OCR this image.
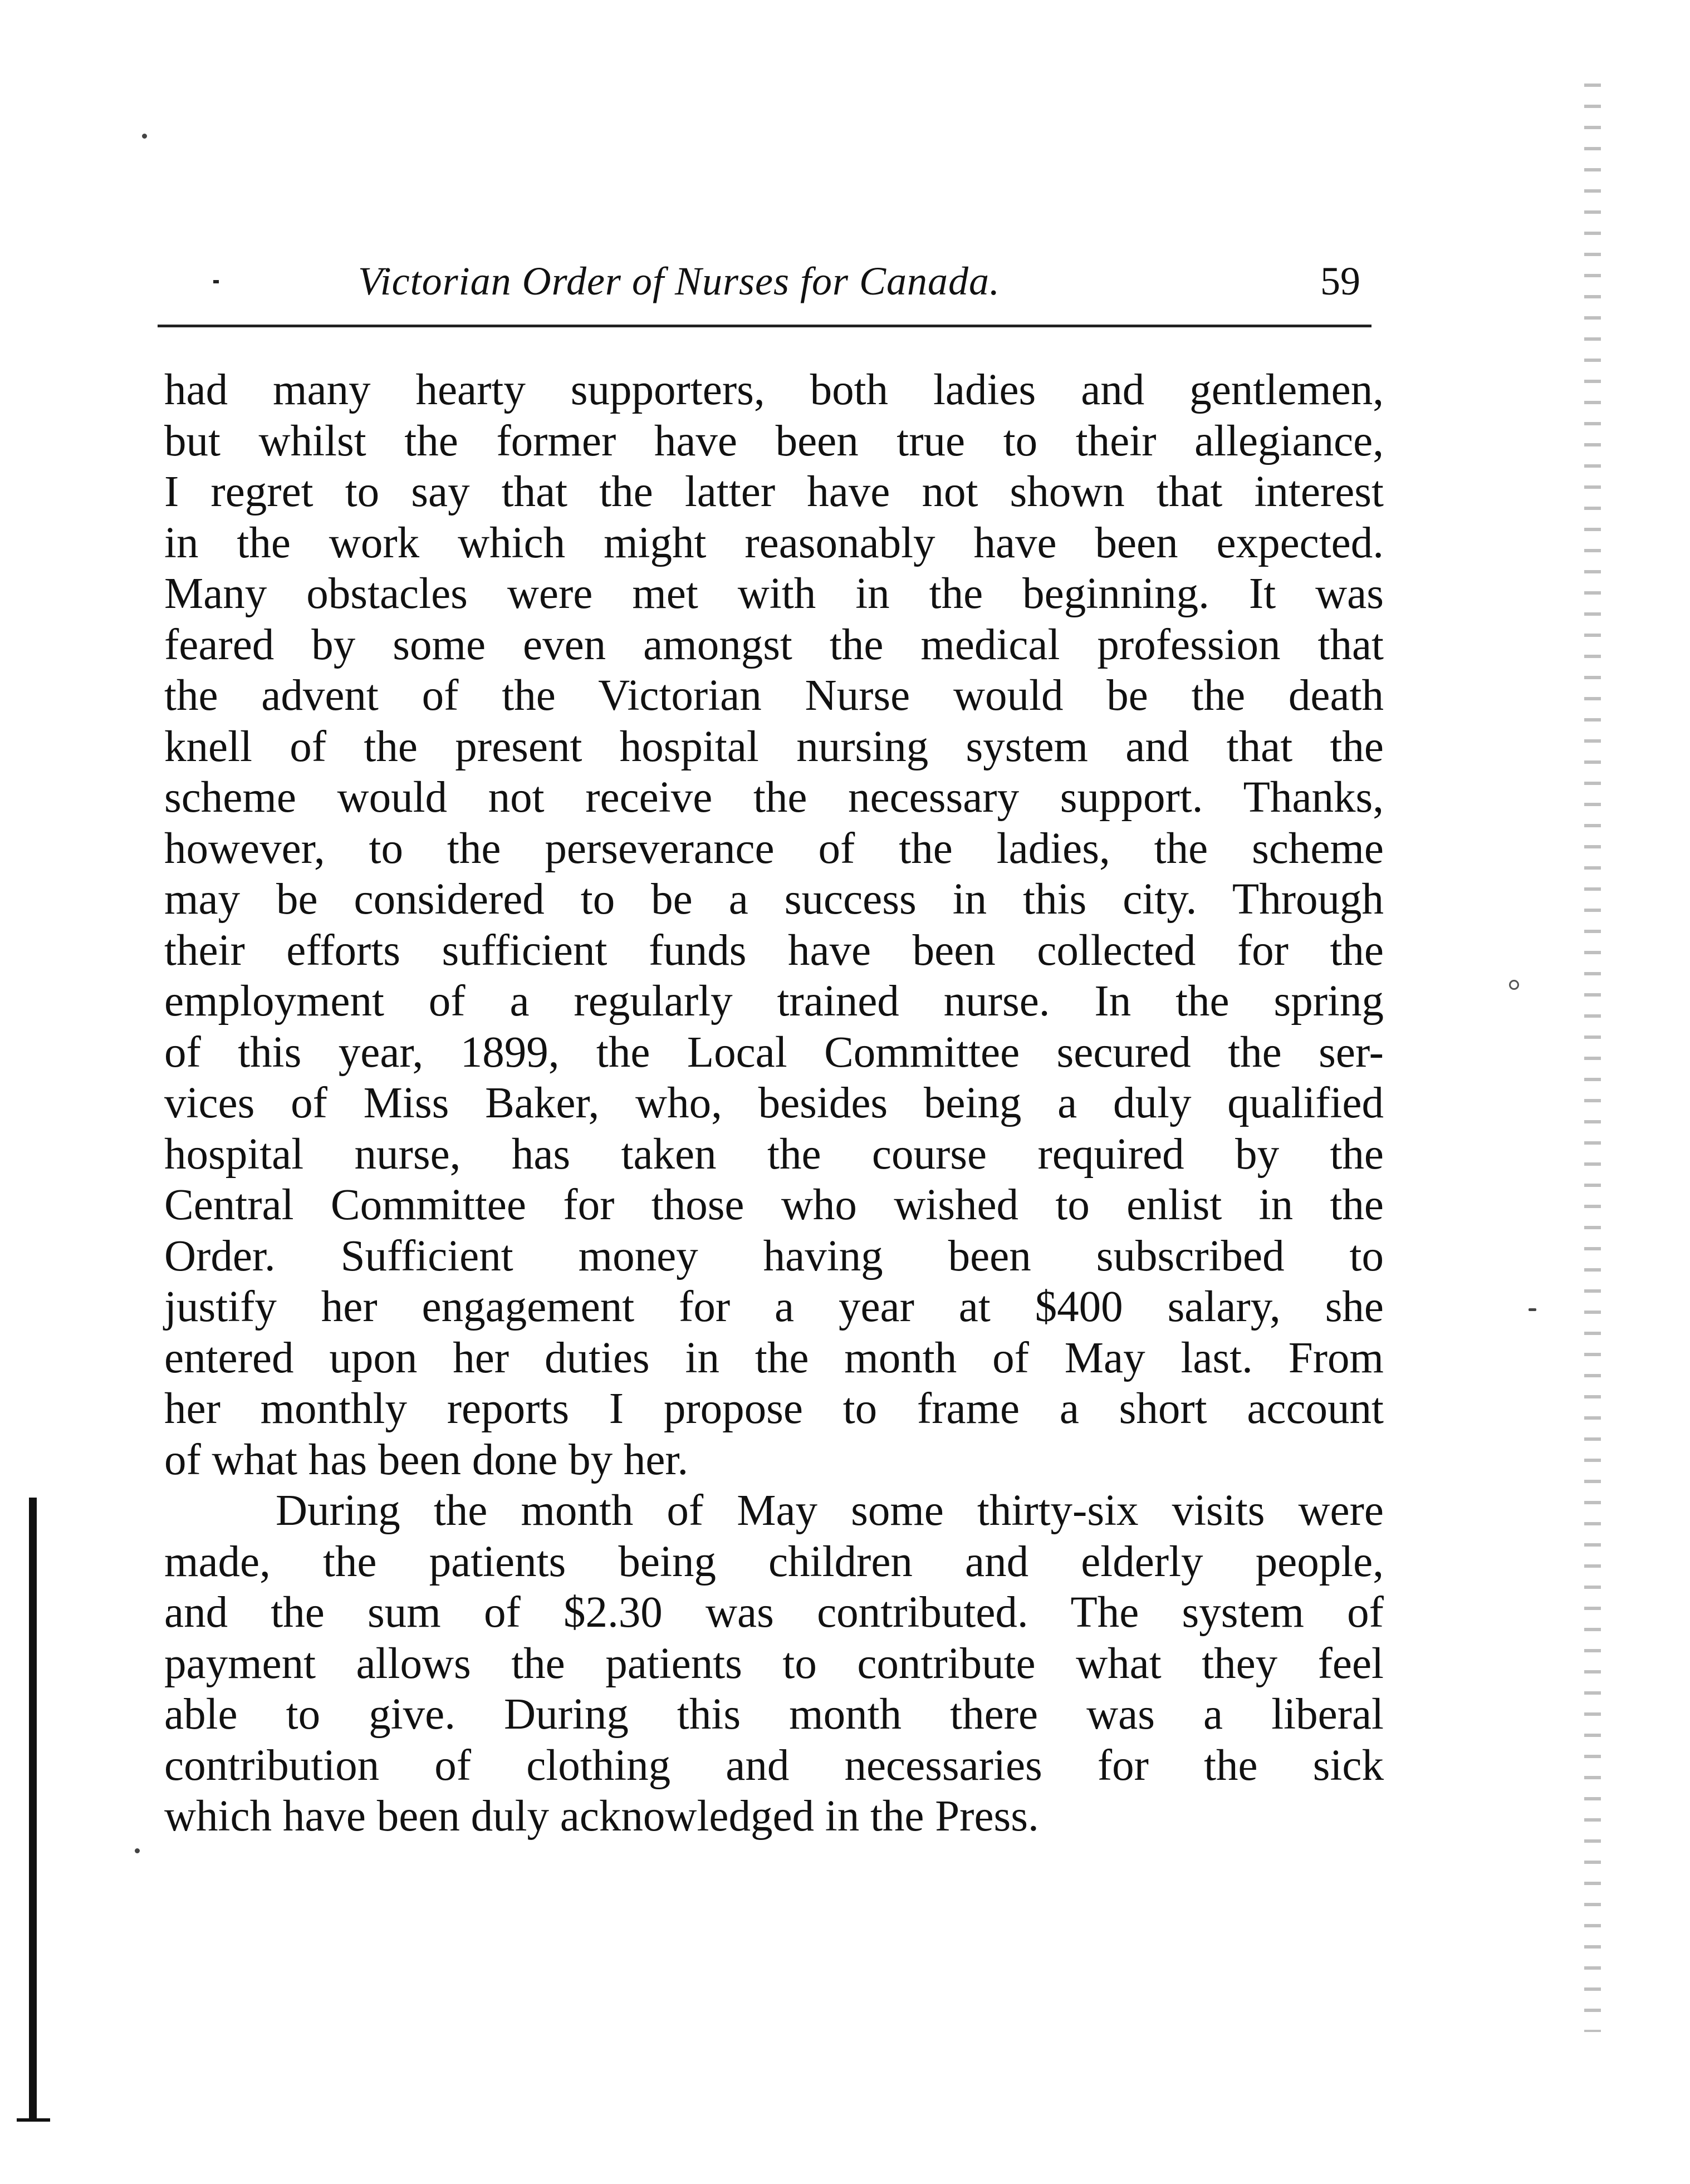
Victorian Order of Nurses for Canada.	59
had many hearty supporters, both ladies and gentlemen,
but whilst the former have been true to their allegiance,
I regret to say that the latter have not shown that interest
in the work which might reasonably have been expected.
Many obstacles were met with in the beginning. It was
feared by some even amongst the medical profession that
the advent of the Victorian Nurse would be the death
knell of the present hospital nursing system and that the
scheme would not receive the necessary support. Thanks,
however, to the perseverance of the ladies, the scheme
may be considered to be a success in this city. Through
their efforts sufficient funds have been collected for the
employment of a regularly trained nurse. In the spring
of this year, 1899, the Local Committee secured the ser-
vices of Miss Baker, who, besides being a duly qualified
hospital nurse, has taken the course required by the
Central Committee for those who wished to enlist in the
Order. Sufficient money having been subscribed to
justify her engagement for a year at $400 salary, she
entered upon her duties in the month of May last. From
her monthly reports I propose to frame a short account
of what has been done by her.
During the month of May some thirty-six visits were
made, the patients being children and elderly people,
and the sum of $2.30 was contributed. The system of
payment allows the patients to contribute what they feel
able to give. During this month there was a liberal
contribution of clothing and necessaries for the sick
which have been duly acknowledged in the Press.
